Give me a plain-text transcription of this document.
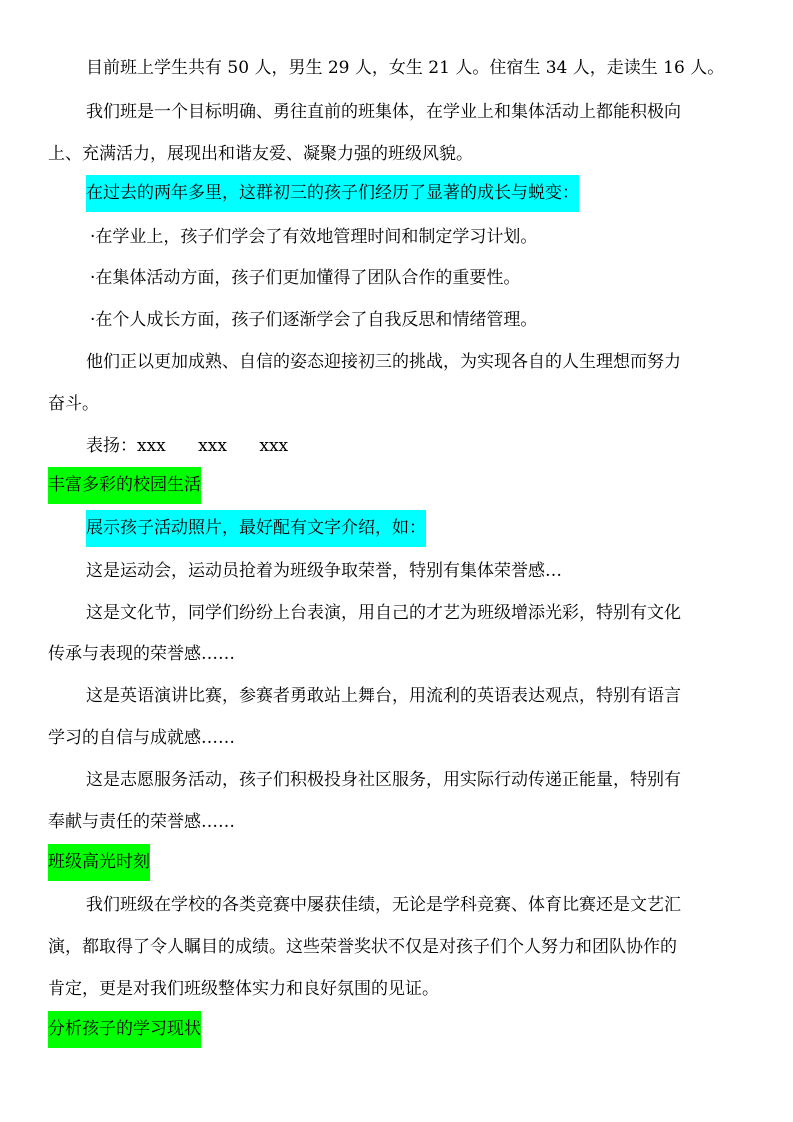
目前班上学生共有 50 人，男生 29 人，女生 21 人。住宿生 34 人，走读生 16 人。
我们班是一个目标明确、勇往直前的班集体，在学业上和集体活动上都能积极向
上、充满活力，展现出和谐友爱、凝聚力强的班级风貌。
在过去的两年多里，这群初三的孩子们经历了显著的成长与蜕变：
·在学业上，孩子们学会了有效地管理时间和制定学习计划。
·在集体活动方面，孩子们更加懂得了团队合作的重要性。
·在个人成长方面，孩子们逐渐学会了自我反思和情绪管理。
他们正以更加成熟、自信的姿态迎接初三的挑战，为实现各自的人生理想而努力
奋斗。
表扬：xxx      xxx      xxx
丰富多彩的校园生活
展示孩子活动照片，最好配有文字介绍，如：
这是运动会，运动员抢着为班级争取荣誉，特别有集体荣誉感…
这是文化节，同学们纷纷上台表演，用自己的才艺为班级增添光彩，特别有文化
传承与表现的荣誉感……
这是英语演讲比赛，参赛者勇敢站上舞台，用流利的英语表达观点，特别有语言
学习的自信与成就感……
这是志愿服务活动，孩子们积极投身社区服务，用实际行动传递正能量，特别有
奉献与责任的荣誉感……
班级高光时刻
我们班级在学校的各类竞赛中屡获佳绩，无论是学科竞赛、体育比赛还是文艺汇
演，都取得了令人瞩目的成绩。这些荣誉奖状不仅是对孩子们个人努力和团队协作的
肯定，更是对我们班级整体实力和良好氛围的见证。
分析孩子的学习现状
